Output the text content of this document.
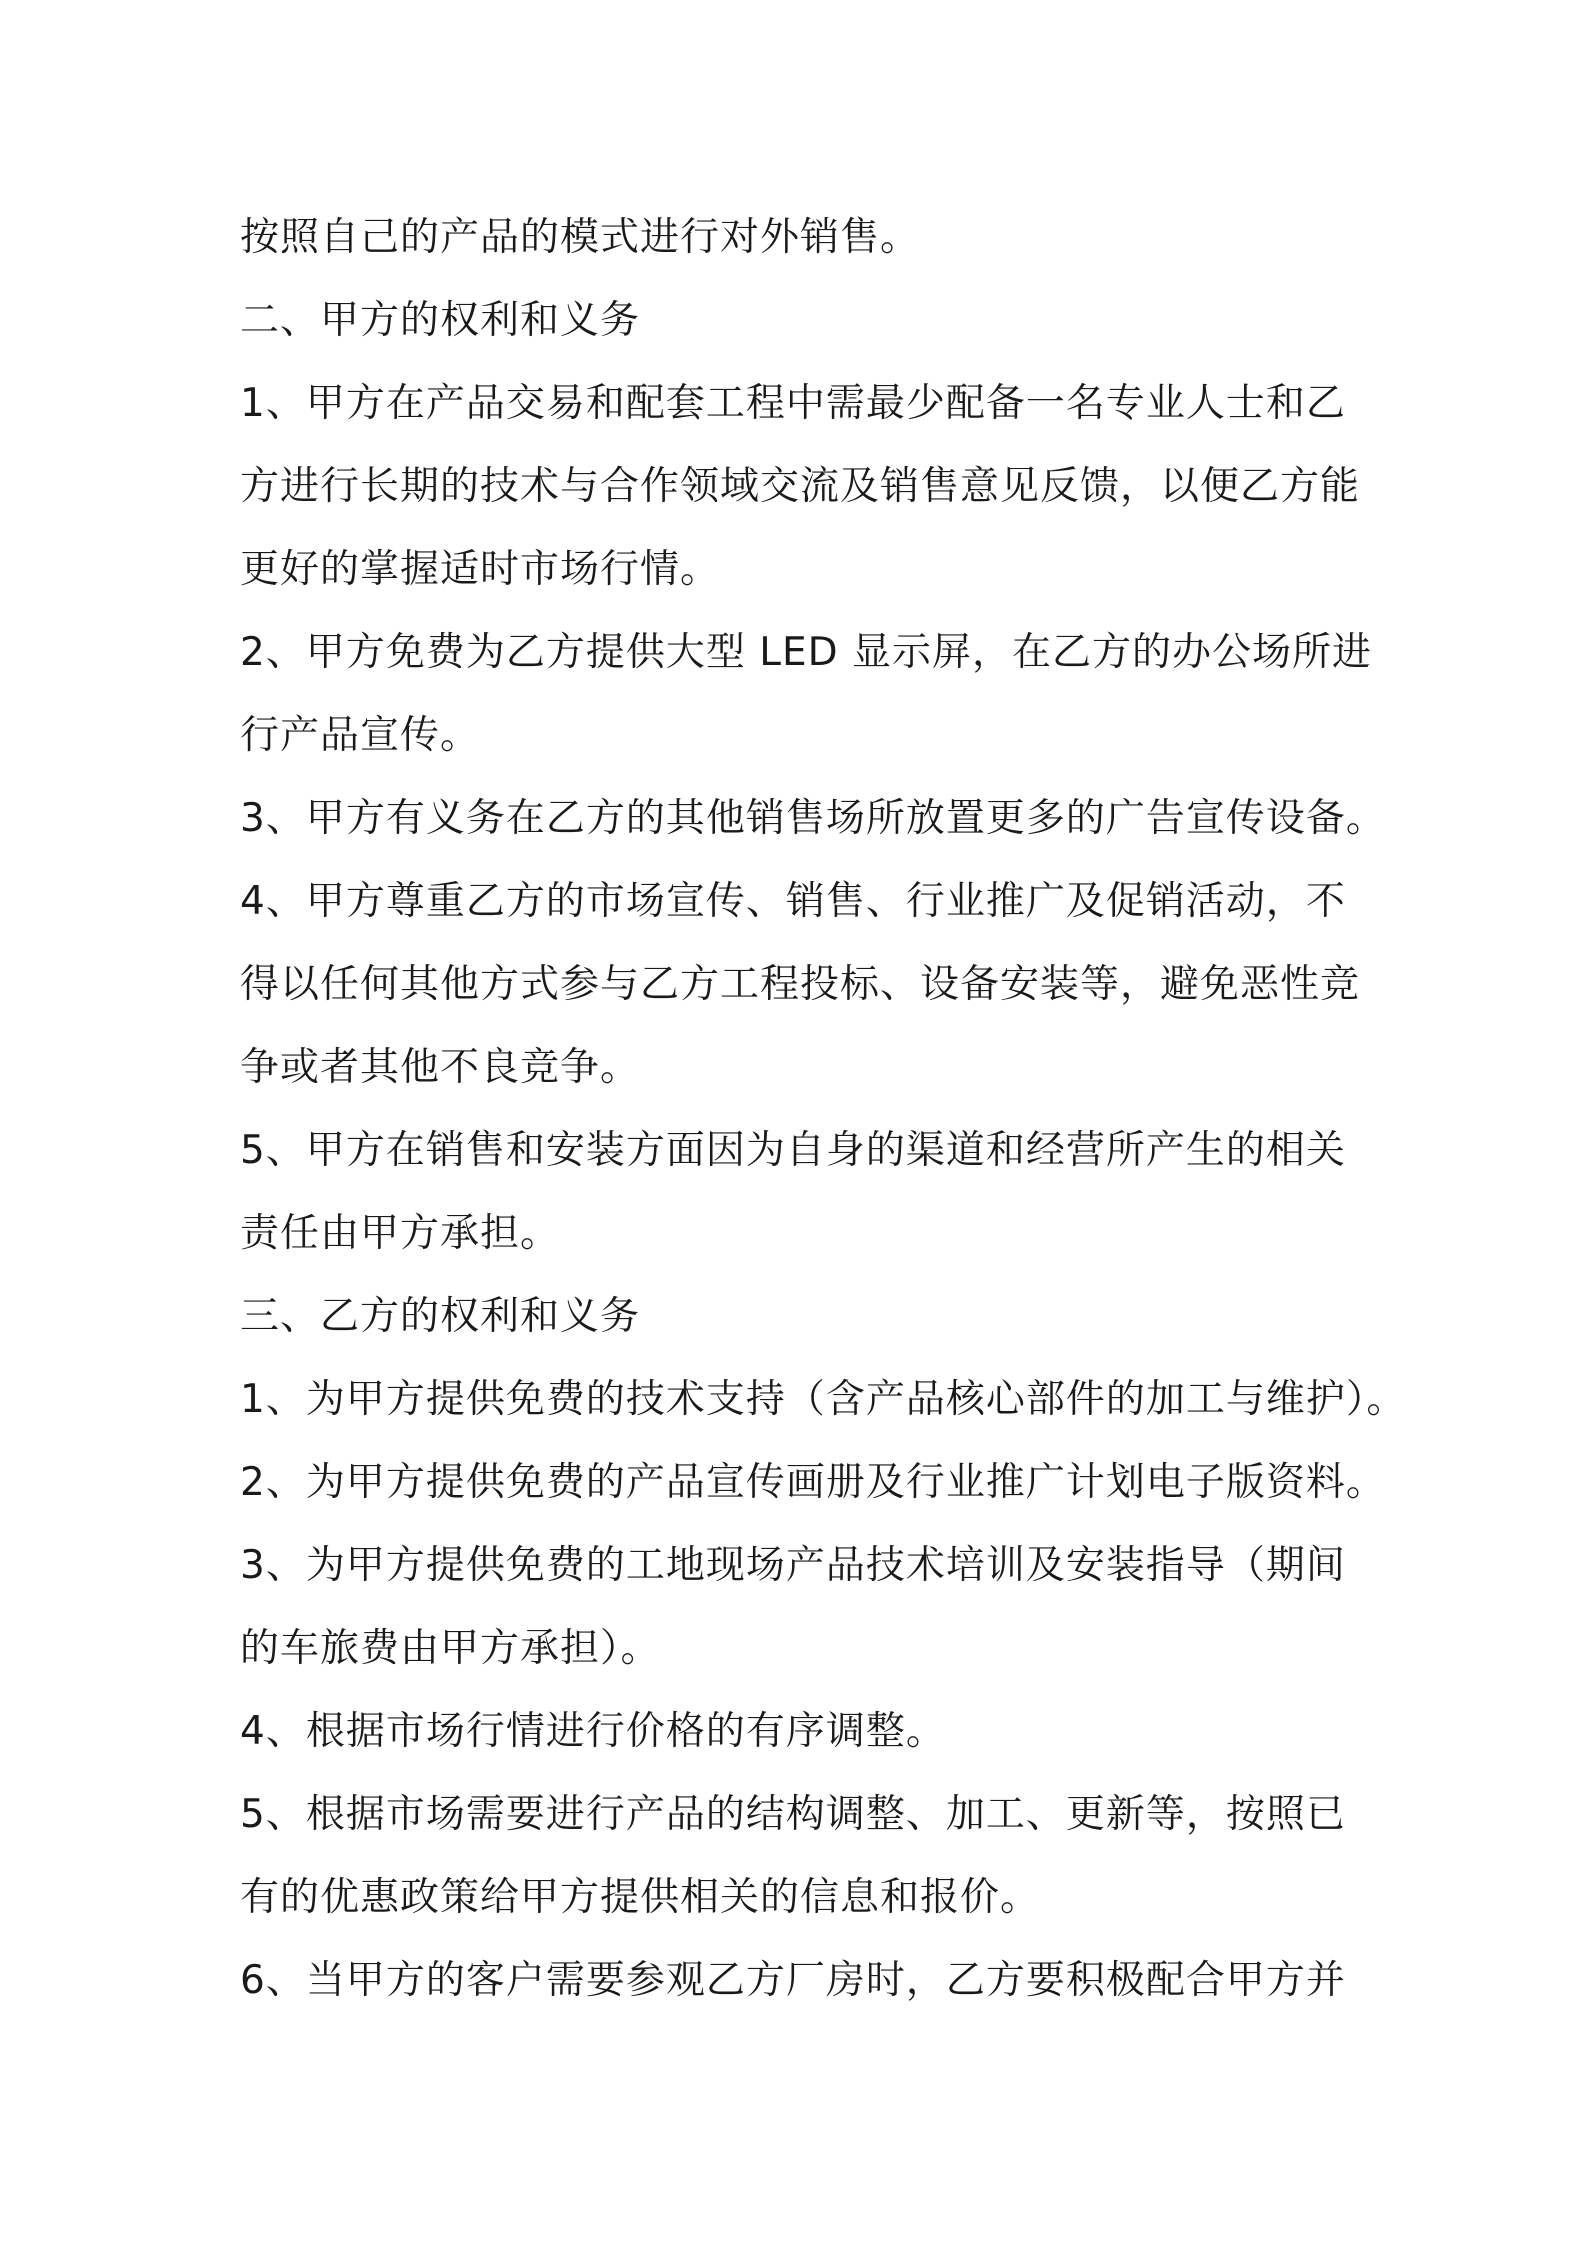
按照自己的产品的模式进行对外销售。
二、甲方的权利和义务
1、甲方在产品交易和配套工程中需最少配备一名专业人士和乙
方进行长期的技术与合作领域交流及销售意见反馈，以便乙方能
更好的掌握适时市场行情。
2、甲方免费为乙方提供大型 LED 显示屏，在乙方的办公场所进
行产品宣传。
3、甲方有义务在乙方的其他销售场所放置更多的广告宣传设备。
4、甲方尊重乙方的市场宣传、销售、行业推广及促销活动，不
得以任何其他方式参与乙方工程投标、设备安装等，避免恶性竞
争或者其他不良竞争。
5、甲方在销售和安装方面因为自身的渠道和经营所产生的相关
责任由甲方承担。
三、乙方的权利和义务
1、为甲方提供免费的技术支持（含产品核心部件的加工与维护）。
2、为甲方提供免费的产品宣传画册及行业推广计划电子版资料。
3、为甲方提供免费的工地现场产品技术培训及安装指导（期间
的车旅费由甲方承担）。
4、根据市场行情进行价格的有序调整。
5、根据市场需要进行产品的结构调整、加工、更新等，按照已
有的优惠政策给甲方提供相关的信息和报价。
6、当甲方的客户需要参观乙方厂房时，乙方要积极配合甲方并
